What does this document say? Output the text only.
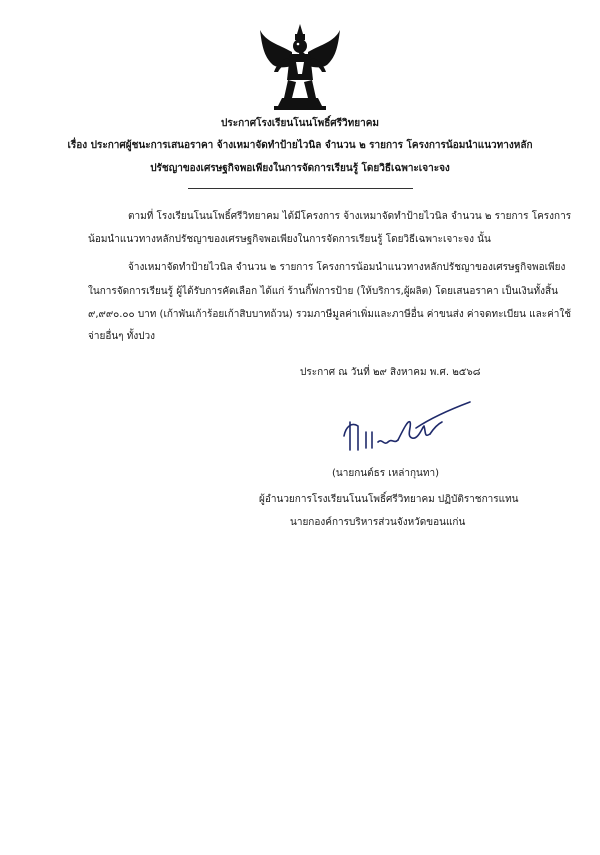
ประกาศโรงเรียนโนนโพธิ์ศรีวิทยาคม
เรื่อง ประกาศผู้ชนะการเสนอราคา จ้างเหมาจัดทำป้ายไวนิล จำนวน ๒ รายการ โครงการน้อมนำแนวทางหลัก
ปรัชญาของเศรษฐกิจพอเพียงในการจัดการเรียนรู้ โดยวิธีเฉพาะเจาะจง
ตามที่ โรงเรียนโนนโพธิ์ศรีวิทยาคม ได้มีโครงการ จ้างเหมาจัดทำป้ายไวนิล จำนวน ๒ รายการ โครงการ
น้อมนำแนวทางหลักปรัชญาของเศรษฐกิจพอเพียงในการจัดการเรียนรู้ โดยวิธีเฉพาะเจาะจง นั้น
จ้างเหมาจัดทำป้ายไวนิล จำนวน ๒ รายการ โครงการน้อมนำแนวทางหลักปรัชญาของเศรษฐกิจพอเพียง
ในการจัดการเรียนรู้ ผู้ได้รับการคัดเลือก ได้แก่ ร้านกิ๊ฟการป้าย (ให้บริการ,ผู้ผลิต) โดยเสนอราคา เป็นเงินทั้งสิ้น
๙,๙๙๐.๐๐ บาท (เก้าพันเก้าร้อยเก้าสิบบาทถ้วน) รวมภาษีมูลค่าเพิ่มและภาษีอื่น ค่าขนส่ง ค่าจดทะเบียน และค่าใช้
จ่ายอื่นๆ ทั้งปวง
ประกาศ ณ วันที่ ๒๙ สิงหาคม พ.ศ. ๒๕๖๘
(นายกนต์ธร เหล่ากุนทา)
ผู้อำนวยการโรงเรียนโนนโพธิ์ศรีวิทยาคม ปฏิบัติราชการแทน
นายกองค์การบริหารส่วนจังหวัดขอนแก่น
